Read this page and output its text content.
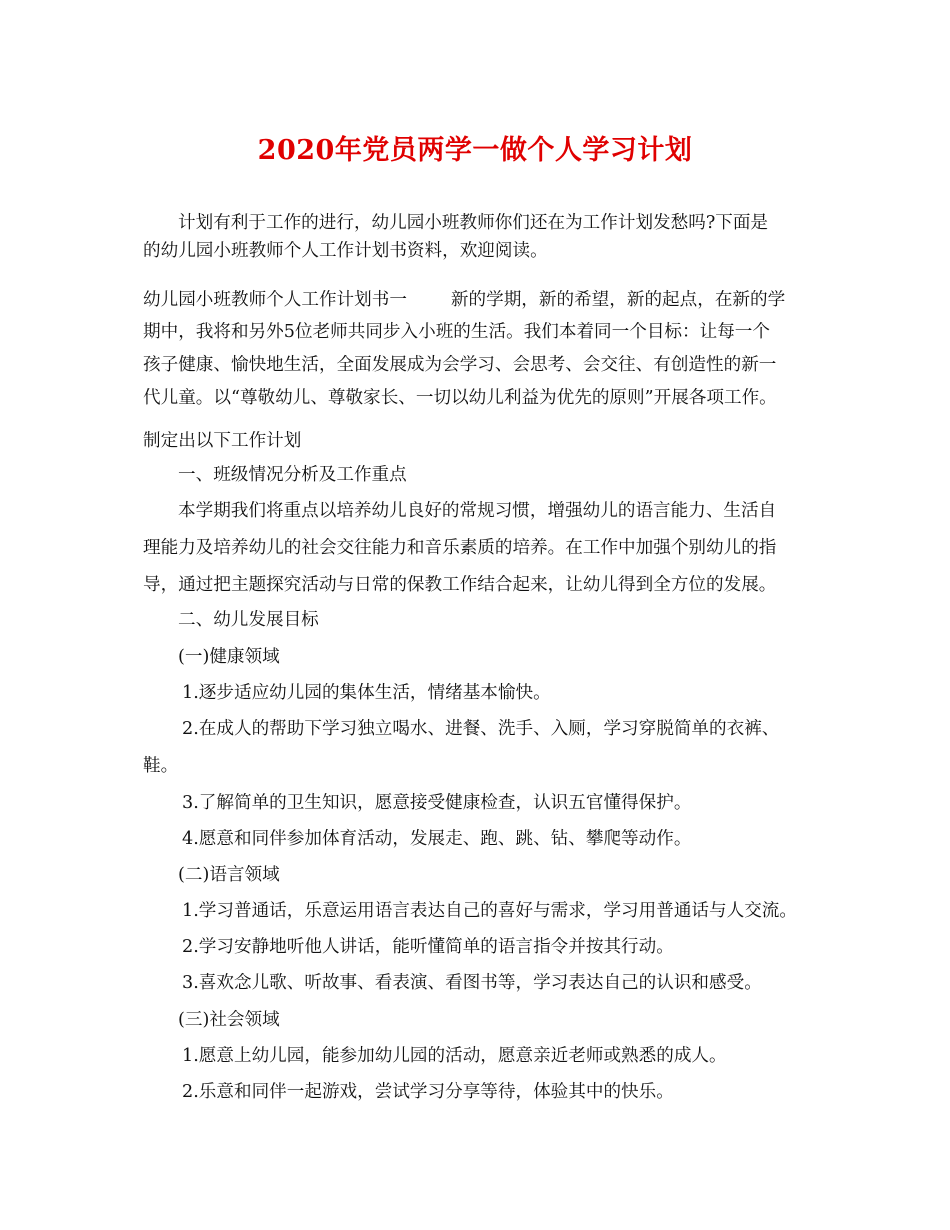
2020年党员两学一做个人学习计划
计划有利于工作的进行，幼儿园小班教师你们还在为工作计划发愁吗?下面是
的幼儿园小班教师个人工作计划书资料，欢迎阅读。
幼儿园小班教师个人工作计划书一	新的学期，新的希望，新的起点，在新的学
期中，我将和另外5位老师共同步入小班的生活。我们本着同一个目标：让每一个
孩子健康、愉快地生活，全面发展成为会学习、会思考、会交往、有创造性的新一
代儿童。以“尊敬幼儿、尊敬家长、一切以幼儿利益为优先的原则”开展各项工作。
制定出以下工作计划
一、班级情况分析及工作重点
本学期我们将重点以培养幼儿良好的常规习惯，增强幼儿的语言能力、生活自
理能力及培养幼儿的社会交往能力和音乐素质的培养。在工作中加强个别幼儿的指
导，通过把主题探究活动与日常的保教工作结合起来，让幼儿得到全方位的发展。
二、幼儿发展目标
(一)健康领域
1.逐步适应幼儿园的集体生活，情绪基本愉快。
2.在成人的帮助下学习独立喝水、进餐、洗手、入厕，学习穿脱简单的衣裤、
鞋。
3.了解简单的卫生知识，愿意接受健康检查，认识五官懂得保护。
4.愿意和同伴参加体育活动，发展走、跑、跳、钻、攀爬等动作。
(二)语言领域
1.学习普通话，乐意运用语言表达自己的喜好与需求，学习用普通话与人交流。
2.学习安静地听他人讲话，能听懂简单的语言指令并按其行动。
3.喜欢念儿歌、听故事、看表演、看图书等，学习表达自己的认识和感受。
(三)社会领域
1.愿意上幼儿园，能参加幼儿园的活动，愿意亲近老师或熟悉的成人。
2.乐意和同伴一起游戏，尝试学习分享等待，体验其中的快乐。
